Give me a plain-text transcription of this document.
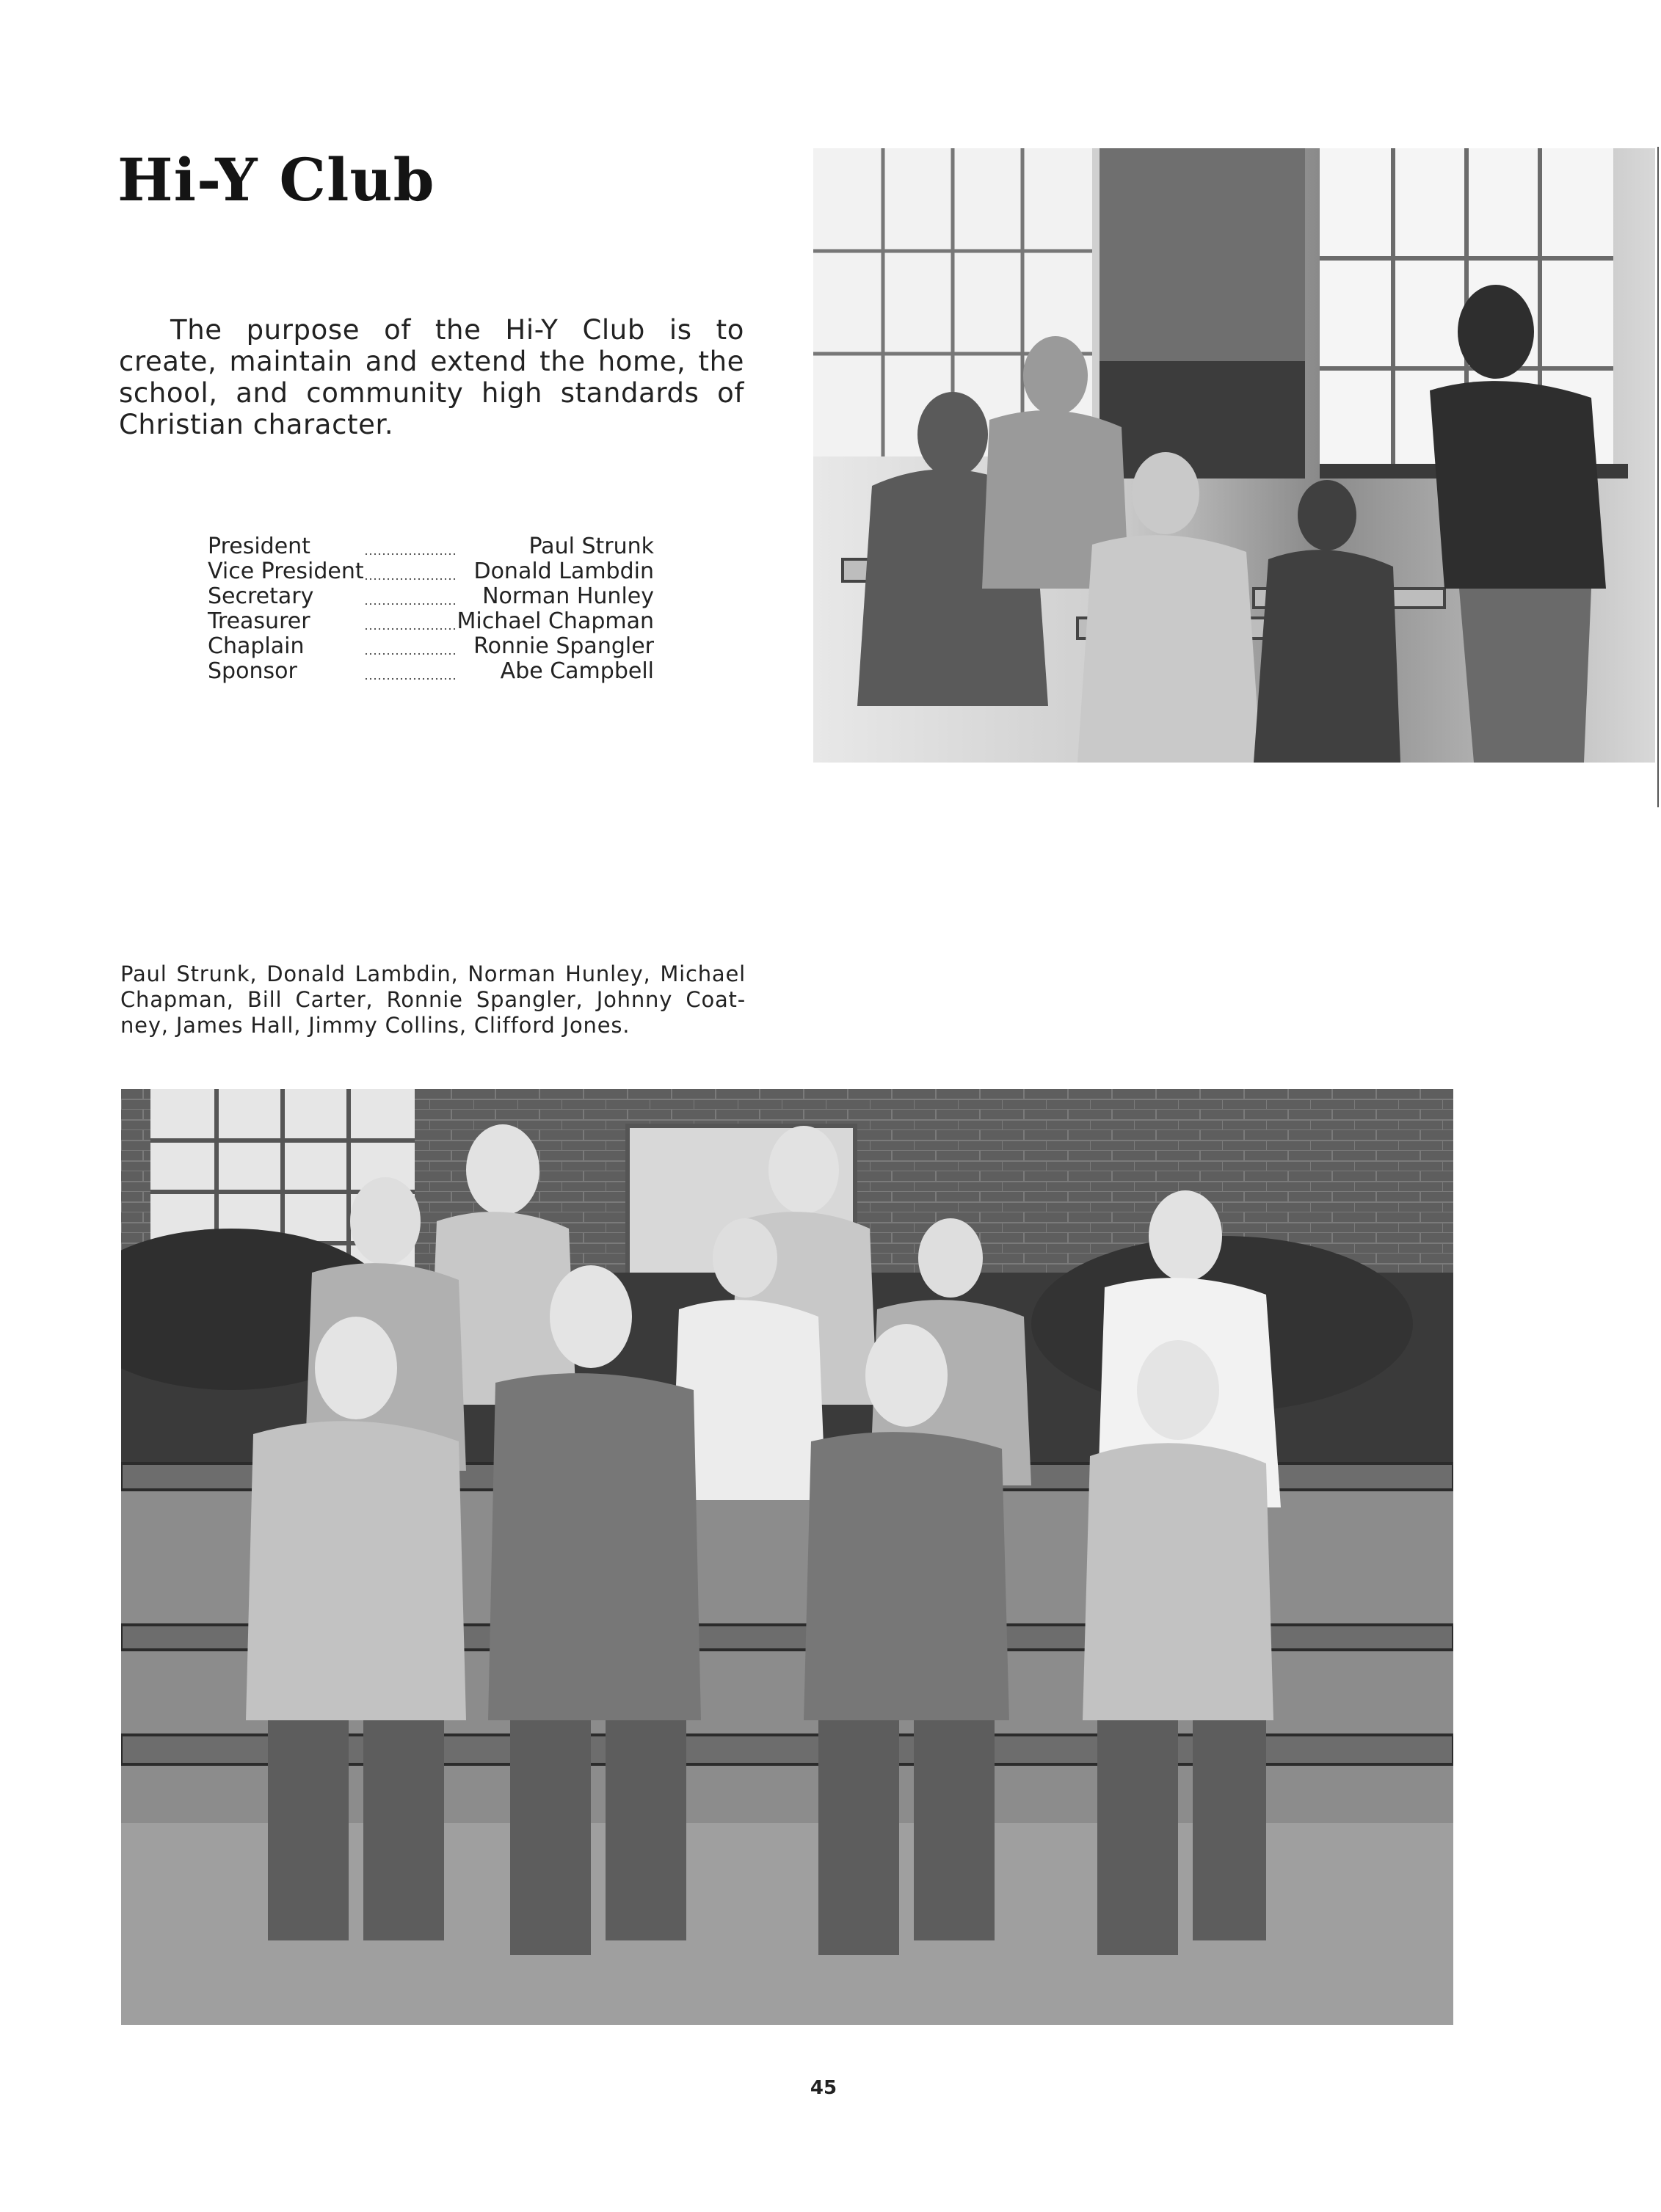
Hi-Y Club

The purpose of the Hi-Y Club is to create, maintain and extend the home, the school, and community high standards of Christian character.

President		Paul Strunk
Vice President		Donald Lambdin
Secretary		Norman Hunley
Treasurer		Michael Chapman
Chaplain		Ronnie Spangler
Sponsor		Abe Campbell

Paul Strunk, Donald Lambdin, Norman Hunley, Michael Chapman, Bill Carter, Ronnie Spangler, Johnny Coat-ney, James Hall, Jimmy Collins, Clifford Jones.

45
